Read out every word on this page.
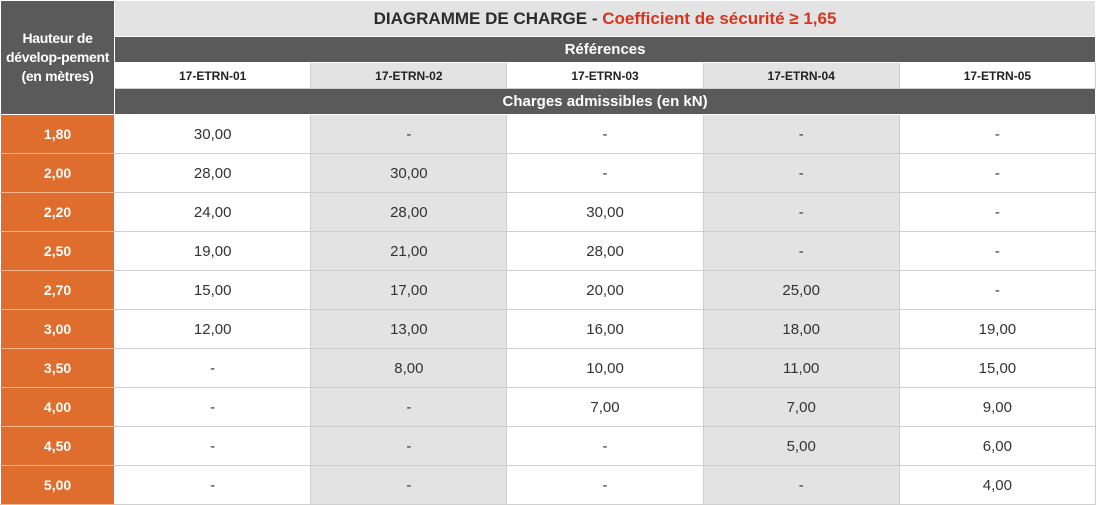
Hauteur de dévelop-pement (en mètres)	DIAGRAMME DE CHARGE - Coefficient de sécurité ≥ 1,65				
	Références				
	17-ETRN-01	17-ETRN-02	17-ETRN-03	17-ETRN-04	17-ETRN-05
	Charges admissibles (en kN)				
1,80	30,00	-	-	-	-
2,00	28,00	30,00	-	-	-
2,20	24,00	28,00	30,00	-	-
2,50	19,00	21,00	28,00	-	-
2,70	15,00	17,00	20,00	25,00	-
3,00	12,00	13,00	16,00	18,00	19,00
3,50	-	8,00	10,00	11,00	15,00
4,00	-	-	7,00	7,00	9,00
4,50	-	-	-	5,00	6,00
5,00	-	-	-	-	4,00
